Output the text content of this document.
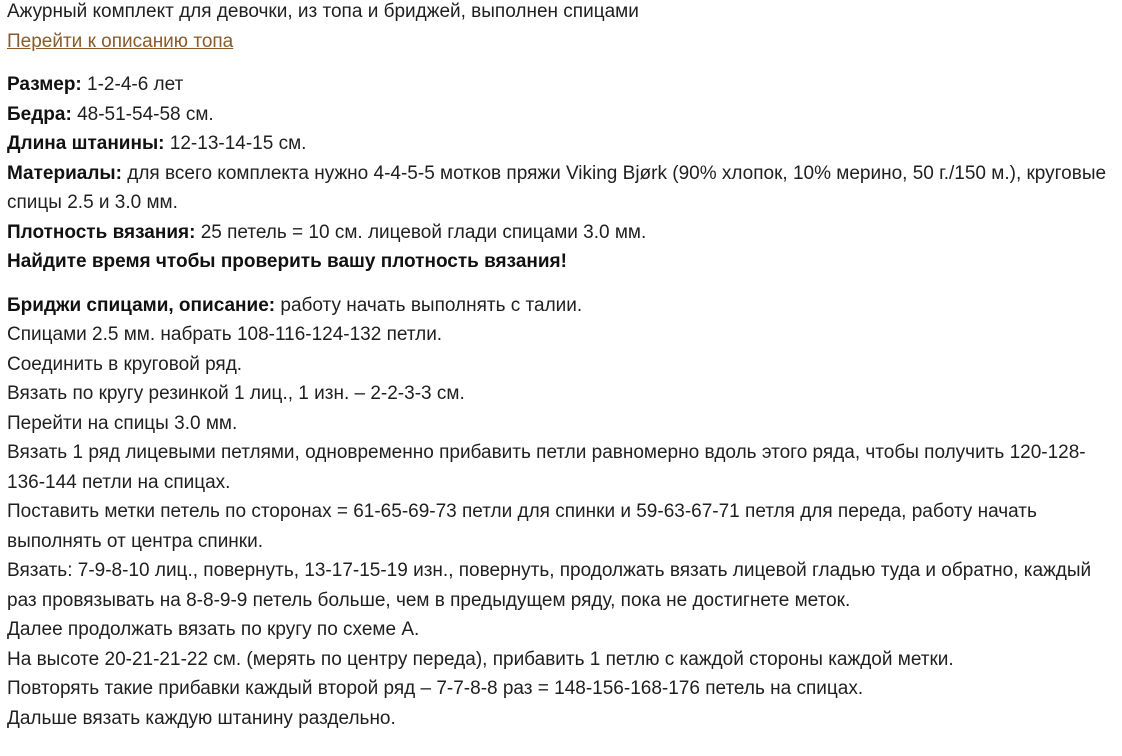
Ажурный комплект для девочки, из топа и бриджей, выполнен спицами
Перейти к описанию топа
Размер: 1-2-4-6 лет
Бедра: 48-51-54-58 см.
Длина штанины: 12-13-14-15 см.
Материалы: для всего комплекта нужно 4-4-5-5 мотков пряжи Viking Bjørk (90% хлопок, 10% мерино, 50 г./150 м.), круговые спицы 2.5 и 3.0 мм.
Плотность вязания: 25 петель = 10 см. лицевой глади спицами 3.0 мм.
Найдите время чтобы проверить вашу плотность вязания!
Бриджи спицами, описание: работу начать выполнять с талии.
Спицами 2.5 мм. набрать 108-116-124-132 петли.
Соединить в круговой ряд.
Вязать по кругу резинкой 1 лиц., 1 изн. – 2-2-3-3 см.
Перейти на спицы 3.0 мм.
Вязать 1 ряд лицевыми петлями, одновременно прибавить петли равномерно вдоль этого ряда, чтобы получить 120-128-136-144 петли на спицах.
Поставить метки петель по сторонах = 61-65-69-73 петли для спинки и 59-63-67-71 петля для переда, работу начать выполнять от центра спинки.
Вязать: 7-9-8-10 лиц., повернуть, 13-17-15-19 изн., повернуть, продолжать вязать лицевой гладью туда и обратно, каждый раз провязывать на 8-8-9-9 петель больше, чем в предыдущем ряду, пока не достигнете меток.
Далее продолжать вязать по кругу по схеме А.
На высоте 20-21-21-22 см. (мерять по центру переда), прибавить 1 петлю с каждой стороны каждой метки.
Повторять такие прибавки каждый второй ряд – 7-7-8-8 раз = 148-156-168-176 петель на спицах.
Дальше вязать каждую штанину раздельно.
